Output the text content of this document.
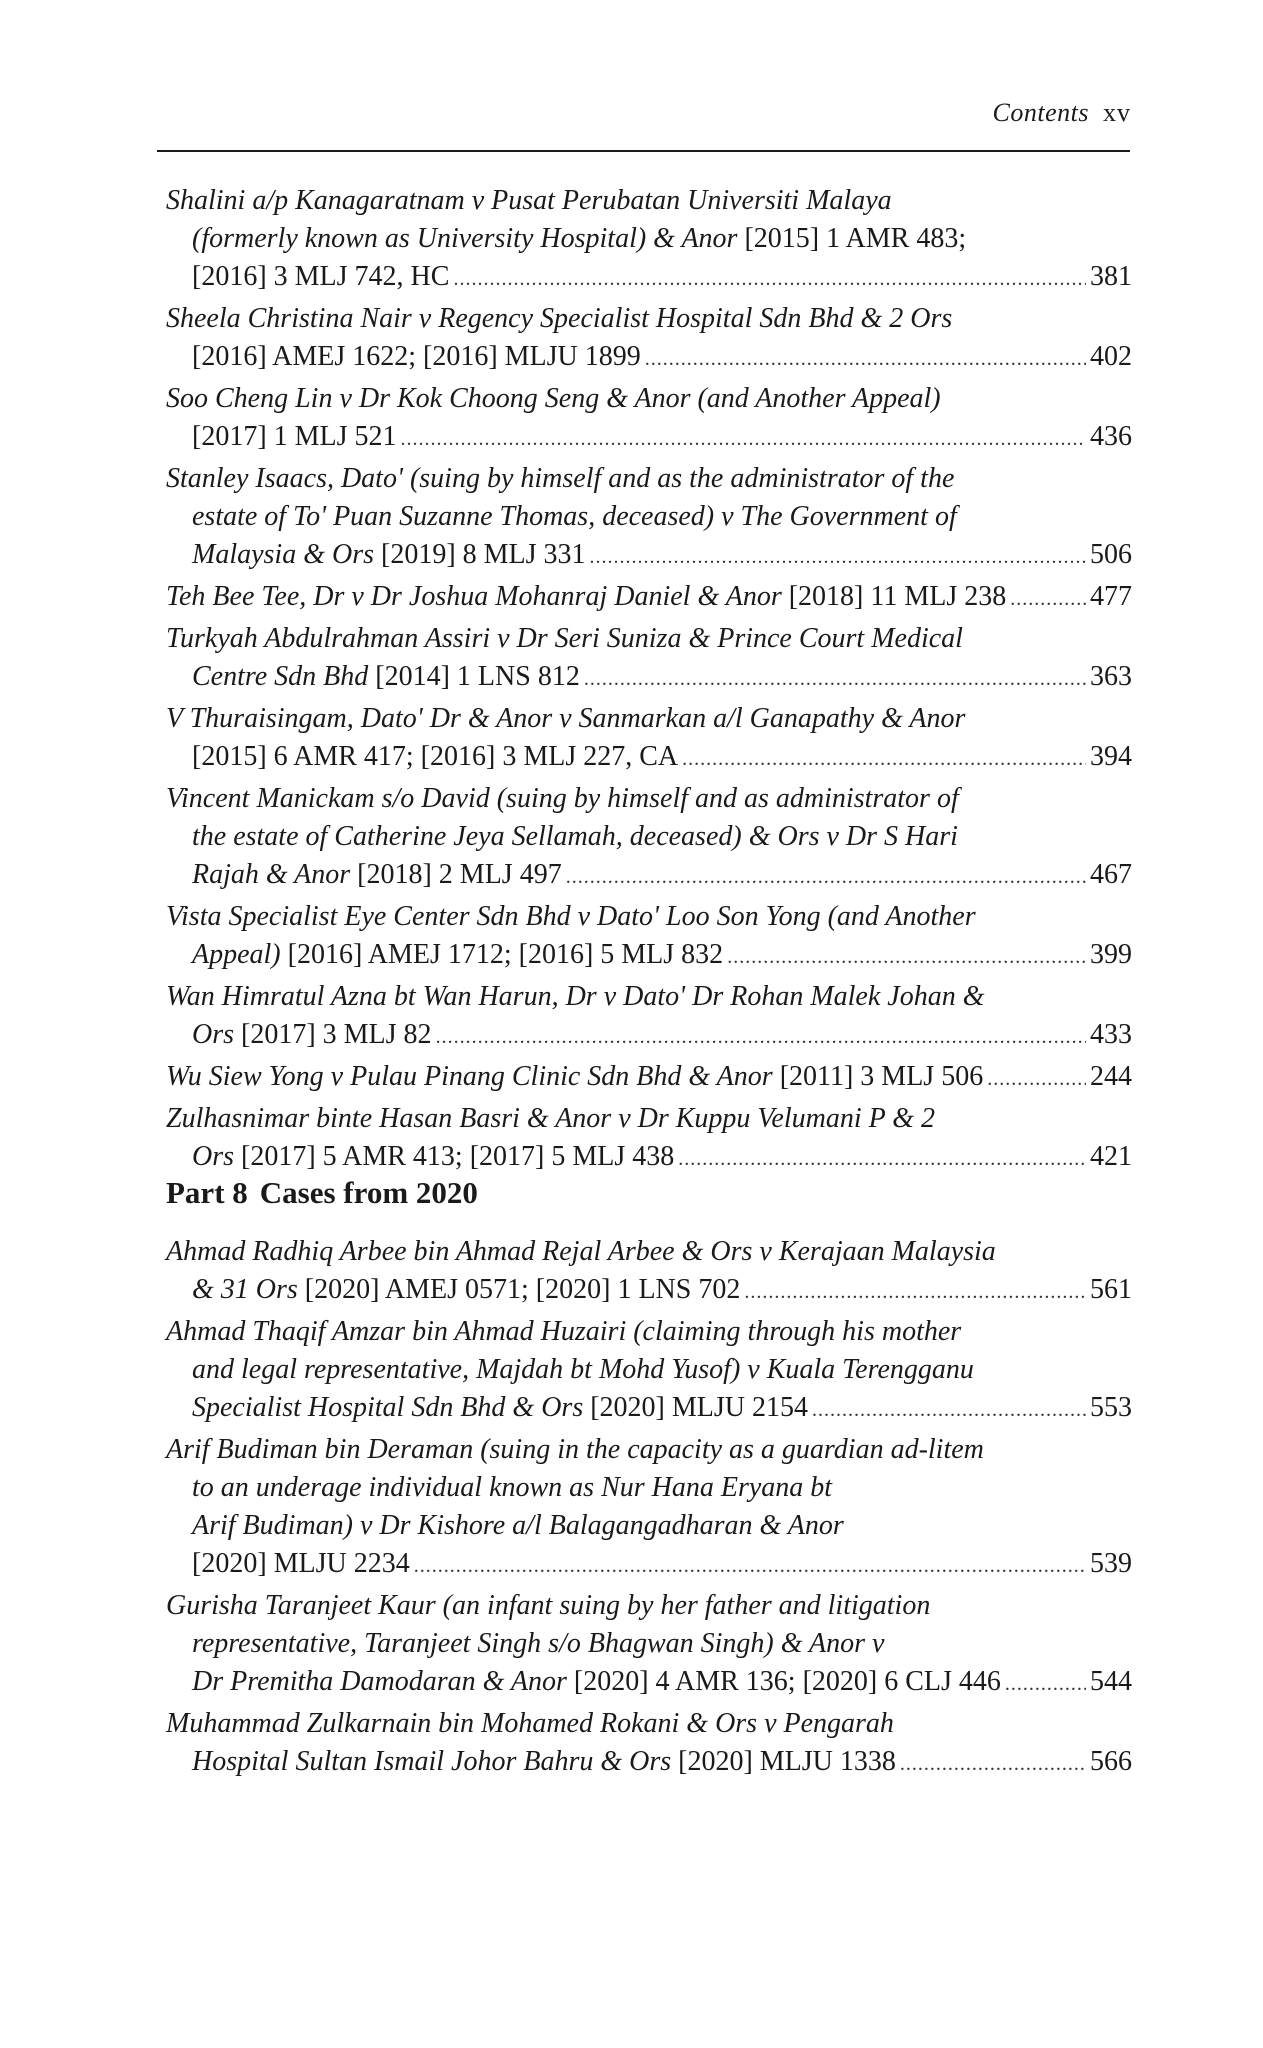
Contents xv
Shalini a/p Kanagaratnam v Pusat Perubatan Universiti Malaya
(formerly known as University Hospital) & Anor [2015] 1 AMR 483;
[2016] 3 MLJ 742, HC .....	381
Sheela Christina Nair v Regency Specialist Hospital Sdn Bhd & 2 Ors
[2016] AMEJ 1622; [2016] MLJU 1899 .....	402
Soo Cheng Lin v Dr Kok Choong Seng & Anor (and Another Appeal)
[2017] 1 MLJ 521 .....	436
Stanley Isaacs, Dato' (suing by himself and as the administrator of the
estate of To' Puan Suzanne Thomas, deceased) v The Government of
Malaysia & Ors [2019] 8 MLJ 331 .....	506
Teh Bee Tee, Dr v Dr Joshua Mohanraj Daniel & Anor [2018] 11 MLJ 238 .....	477
Turkyah Abdulrahman Assiri v Dr Seri Suniza & Prince Court Medical
Centre Sdn Bhd [2014] 1 LNS 812 .....	363
V Thuraisingam, Dato' Dr & Anor v Sanmarkan a/l Ganapathy & Anor
[2015] 6 AMR 417; [2016] 3 MLJ 227, CA .....	394
Vincent Manickam s/o David (suing by himself and as administrator of
the estate of Catherine Jeya Sellamah, deceased) & Ors v Dr S Hari
Rajah & Anor [2018] 2 MLJ 497 .....	467
Vista Specialist Eye Center Sdn Bhd v Dato' Loo Son Yong (and Another
Appeal) [2016] AMEJ 1712; [2016] 5 MLJ 832 .....	399
Wan Himratul Azna bt Wan Harun, Dr v Dato' Dr Rohan Malek Johan &
Ors [2017] 3 MLJ 82 .....	433
Wu Siew Yong v Pulau Pinang Clinic Sdn Bhd & Anor [2011] 3 MLJ 506 .....	244
Zulhasnimar binte Hasan Basri & Anor v Dr Kuppu Velumani P & 2
Ors [2017] 5 AMR 413; [2017] 5 MLJ 438 .....	421
Part 8 Cases from 2020
Ahmad Radhiq Arbee bin Ahmad Rejal Arbee & Ors v Kerajaan Malaysia
& 31 Ors [2020] AMEJ 0571; [2020] 1 LNS 702 .....	561
Ahmad Thaqif Amzar bin Ahmad Huzairi (claiming through his mother
and legal representative, Majdah bt Mohd Yusof) v Kuala Terengganu
Specialist Hospital Sdn Bhd & Ors [2020] MLJU 2154 .....	553
Arif Budiman bin Deraman (suing in the capacity as a guardian ad-litem
to an underage individual known as Nur Hana Eryana bt
Arif Budiman) v Dr Kishore a/l Balagangadharan & Anor
[2020] MLJU 2234 .....	539
Gurisha Taranjeet Kaur (an infant suing by her father and litigation
representative, Taranjeet Singh s/o Bhagwan Singh) & Anor v
Dr Premitha Damodaran & Anor [2020] 4 AMR 136; [2020] 6 CLJ 446 .....	544
Muhammad Zulkarnain bin Mohamed Rokani & Ors v Pengarah
Hospital Sultan Ismail Johor Bahru & Ors [2020] MLJU 1338 .....	566
